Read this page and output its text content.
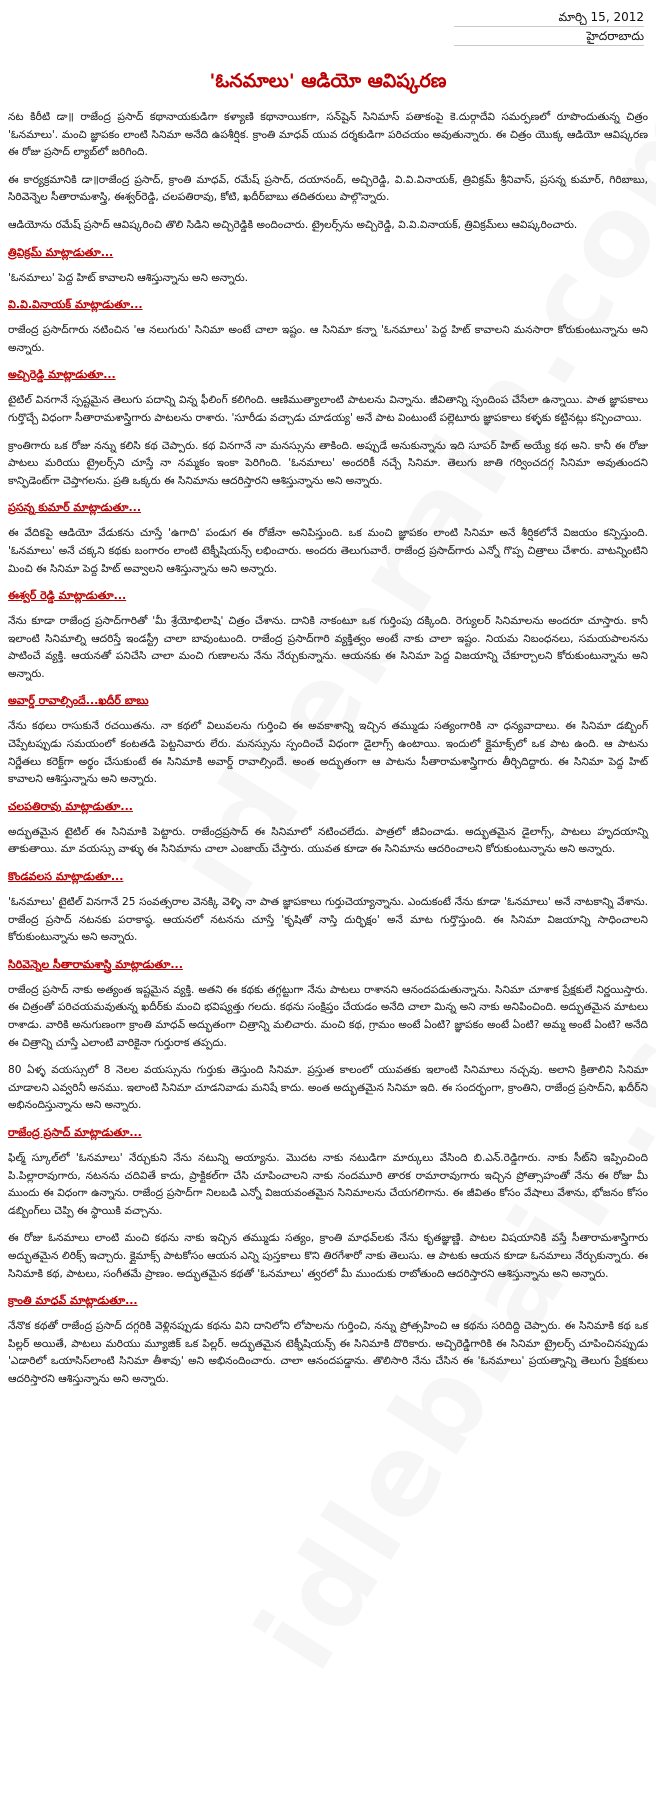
మార్చి 15, 2012
హైదరాబాదు
'ఓనమాలు' ఆడియో ఆవిష్కరణ

నట కిరీటి డా॥ రాజేంద్ర ప్రసాద్ కథానాయకుడిగా కళ్యాణి కథానాయికగా, సన్‌షైన్ సినిమాస్ పతాకంపై కె.దుర్గాదేవి సమర్పణలో రూపొందుతున్న చిత్రం 'ఓనమాలు'. మంచి జ్ఞాపకం లాంటి సినిమా అనేది ఉపశీర్షిక. క్రాంతి మాధవ్ యువ దర్శకుడిగా పరిచయం అవుతున్నారు. ఈ చిత్రం యొక్క ఆడియో ఆవిష్కరణ ఈ రోజు ప్రసాద్ ల్యాబ్‌లో జరిగింది.

ఈ కార్యక్రమానికి డా॥రాజేంద్ర ప్రసాద్, క్రాంతి మాధవ్, రమేష్ ప్రసాద్, దయానంద్, అచ్చిరెడ్డి, వి.వి.వినాయక్, త్రివిక్రమ్ శ్రీనివాస్, ప్రసన్న కుమార్, గిరిబాబు, సిరివెన్నెల సీతారామశాస్త్రి, ఈశ్వర్‌రెడ్డి, చలపతిరావు, కోటి, ఖదీర్‌బాబు తదితరులు పాల్గొన్నారు.

ఆడియోను రమేష్ ప్రసాద్ ఆవిష్కరించి తొలి సిడిని అచ్చిరెడ్డికి అందించారు. ట్రైలర్స్‌ను అచ్చిరెడ్డి, వి.వి.వినాయక్, త్రివిక్రమ్‌లు ఆవిష్కరించారు.

త్రివిక్రమ్ మాట్లాడుతూ...

'ఓనమాలు' పెద్ద హిట్ కావాలని ఆశిస్తున్నాను అని అన్నారు.

వి.వి.వినాయక్ మాట్లాడుతూ...

రాజేంద్ర ప్రసాద్‌గారు నటించిన 'ఆ నలుగురు' సినిమా అంటే చాలా ఇష్టం. ఆ సినిమా కన్నా 'ఓనమాలు' పెద్ద హిట్ కావాలని మనసారా కోరుకుంటున్నాను అని అన్నారు.

అచ్చిరెడ్డి మాట్లాడుతూ...

టైటిల్ వినగానే స్పష్టమైన తెలుగు పదాన్ని విన్న ఫీలింగ్ కలిగింది. ఆణిముత్యాలాంటి పాటలను విన్నాను. జీవితాన్ని స్పందింప చేసేలా ఉన్నాయి. పాత జ్ఞాపకాలు గుర్తొచ్చే విధంగా సీతారామశాస్త్రిగారు పాటలను రాశారు. 'సూరీడు వచ్చాడు చూడయ్య' అనే పాట వింటుంటే పల్లెటూరు జ్ఞాపకాలు కళ్ళకు కట్టినట్లు కన్పించాయి.

క్రాంతిగారు ఒక రోజు నన్ను కలిసి కథ చెప్పారు. కథ వినగానే నా మనస్సును తాకింది. అప్పుడే అనుకున్నాను ఇది సూపర్ హిట్ అయ్యే కథ అని. కానీ ఈ రోజు పాటలు మరియు ట్రైలర్స్‌ని చూస్తే నా నమ్మకం ఇంకా పెరిగింది. 'ఓనమాలు' అందరికీ నచ్చే సినిమా. తెలుగు జాతి గర్వించదగ్గ సినిమా అవుతుందని కాన్ఫిడెంట్‌గా చెప్తాగలను. ప్రతి ఒక్కరు ఈ సినిమాను ఆదరిస్తారని ఆశిస్తున్నాను అని అన్నారు.

ప్రసన్న కుమార్ మాట్లాడుతూ...

ఈ వేదికపై ఆడియో వేడుకను చూస్తే 'ఉగాది' పండుగ ఈ రోజేనా అనిపిస్తుంది. ఒక మంచి జ్ఞాపకం లాంటి సినిమా అనే శీర్షికలోనే విజయం కన్పిస్తుంది. 'ఓనమాలు' అనే చక్కని కథకు బంగారం లాంటి టెక్నీషియన్స్ లభించారు. అందరు తెలుగువారే. రాజేంద్ర ప్రసాద్‌గారు ఎన్నో గొప్ప చిత్రాలు చేశారు. వాటన్నింటిని మించి ఈ సినిమా పెద్ద హిట్ అవ్వాలని ఆశిస్తున్నాను అని అన్నారు.

ఈశ్వర్ రెడ్డి మాట్లాడుతూ...

నేను కూడా రాజేంద్ర ప్రసాద్‌గారితో 'మీ శ్రేయోభిలాషి' చిత్రం చేశాను. దానికి నాకంటూ ఒక గుర్తింపు దక్కింది. రెగ్యులర్ సినిమాలను అందరూ చూస్తారు. కానీ ఇలాంటి సినిమాల్ని ఆదరిస్తే ఇండస్ట్రీ చాలా బావుంటుంది. రాజేంద్ర ప్రసాద్‌గారి వ్యక్తిత్వం అంటే నాకు చాలా ఇష్టం. నియమ నిబంధనలు, సమయపాలనను పాటించే వ్యక్తి. ఆయనతో పనిచేసి చాలా మంచి గుణాలను నేను నేర్చుకున్నాను. ఆయనకు ఈ సినిమా పెద్ద విజయాన్ని చేకూర్చాలని కోరుకుంటున్నాను అని అన్నారు.

అవార్డ్ రావాల్సిందే...ఖదీర్ బాబు

నేను కథలు రాసుకునే రచయితను. నా కథలో విలువలను గుర్తించి ఈ అవకాశాన్ని ఇచ్చిన తమ్ముడు సత్యంగారికి నా ధన్యవాదాలు. ఈ సినిమా డబ్బింగ్ చెప్పేటప్పుడు సమయంలో కంటతడి పెట్టనివారు లేరు. మనస్సును స్పందించే విధంగా డైలాగ్స్ ఉంటాయి. ఇందులో క్లైమాక్స్‌లో ఒక పాట ఉంది. ఆ పాటను నిర్ణేతలు కరెక్ట్‌గా అర్థం చేసుకుంటే ఈ సినిమాకి అవార్డ్ రావాల్సిందే. అంత అద్భుతంగా ఆ పాటను సీతారామశాస్త్రిగారు తీర్చిదిద్దారు. ఈ సినిమా పెద్ద హిట్ కావాలని ఆశిస్తున్నాను అని అన్నారు.

చలపతిరావు మాట్లాడుతూ...

అద్భుతమైన టైటిల్ ఈ సినిమాకి పెట్టారు. రాజేంద్రప్రసాద్ ఈ సినిమాలో నటించలేదు. పాత్రలో జీవించాడు. అద్భుతమైన డైలాగ్స్, పాటలు హృదయాన్ని తాకుతాయి. మా వయస్సు వాళ్ళు ఈ సినిమాను చాలా ఎంజాయ్ చేస్తారు. యువత కూడా ఈ సినిమాను ఆదరించాలని కోరుకుంటున్నాను అని అన్నారు.

కొండవలస మాట్లాడుతూ...

'ఓనమాలు' టైటిల్ వినగానే 25 సంవత్సరాల వెనక్కి వెళ్ళి నా పాత జ్ఞాపకాలు గుర్తుచెయ్యాన్నాను. ఎందుకంటే నేను కూడా 'ఓనమాలు' అనే నాటకాన్ని వేశాను. రాజేంద్ర ప్రసాద్ నటనకు పరాకాష్ఠ. ఆయనలో నటనను చూస్తే 'కృషితో నాస్తి దుర్భిక్షం' అనే మాట గుర్తొస్తుంది. ఈ సినిమా విజయాన్ని సాధించాలని కోరుకుంటున్నాను అని అన్నారు.

సిరివెన్నెల సీతారామశాస్త్రి మాట్లాడుతూ...

రాజేంద్ర ప్రసాద్ నాకు అత్యంత ఇష్టమైన వ్యక్తి. అతని ఈ కథకు తగ్గట్టుగా నేను పాటలు రాశానని ఆనందపడుతున్నాను. సినిమా చూశాక ప్రేక్షకులే నిర్ణయిస్తారు. ఈ చిత్రంతో పరిచయమవుతున్న ఖదీర్‌కు మంచి భవిష్యత్తు గలదు. కథను సంక్షిప్తం చేయడం అనేది చాలా మిన్న అని నాకు అనిపించింది. అద్భుతమైన మాటలు రాశాడు. వారికి అనుగుణంగా క్రాంతి మాధవ్ అద్భుతంగా చిత్రాన్ని మలిచారు. మంచి కథ, గ్రామం అంటే ఏంటి? జ్ఞాపకం అంటే ఏంటి? అమ్మ అంటే ఏంటి? అనేది ఈ చిత్రాన్ని చూస్తే ఎలాంటి వారికైనా గుర్తురాక తప్పదు.

80 ఏళ్ళ వయస్సులో 8 నెలల వయస్సును గుర్తుకు తెస్తుంది సినిమా. ప్రస్తుత కాలంలో యువతకు ఇలాంటి సినిమాలు నచ్చవు. అలాని క్రితాలిని సినిమా చూడాలని ఎవ్వరినీ అనము. ఇలాంటి సినిమా చూడనివాడు మనిషే కాదు. అంత అద్భుతమైన సినిమా ఇది. ఈ సందర్భంగా, క్రాంతిని, రాజేంద్ర ప్రసాద్‌ని, ఖదీర్‌ని అభినందిస్తున్నాను అని అన్నారు.

రాజేంద్ర ప్రసాద్ మాట్లాడుతూ...

ఫిల్మ్ స్కూల్‌లో 'ఓనమాలు' నేర్చుకుని నేను నటున్ని అయ్యాను. మొదట నాకు నటుడిగా మార్కులు వేసింది బి.ఎన్.రెడ్డిగారు. నాకు సీట్‌ని ఇప్పించింది పి.పిల్లారావుగారు, నటనను చదివితే కాదు, ప్రాక్టికల్‌గా చేసి చూపించాలని నాకు నందమూరి తారక రామారావుగారు ఇచ్చిన ప్రోత్సాహంతో నేను ఈ రోజు మీ ముందు ఈ విధంగా ఉన్నాను. రాజేంద్ర ప్రసాద్‌గా నిలబడి ఎన్నో విజయవంతమైన సినిమాలను చేయగలిగాను. ఈ జీవితం కోసం వేషాలు వేశాను, భోజనం కోసం డబ్బింగ్‌లు చెప్పి ఈ స్థాయికి వచ్చాను.

ఈ రోజు ఓనమాలు లాంటి మంచి కథను నాకు ఇచ్చిన తమ్ముడు సత్యం, క్రాంతి మాధవ్‌లకు నేను కృతజ్ఞుణ్ణి. పాటల విషయానికి వస్తే సీతారామశాస్త్రిగారు అద్భుతమైన లిరిక్స్ ఇచ్చారు. క్లైమాక్స్ పాటకోసం ఆయన ఎన్ని పుస్తకాలు కొని తిరగేశారో నాకు తెలుసు. ఆ పాటకు ఆయన కూడా ఓనమాలు నేర్చుకున్నారు. ఈ సినిమాకి కథ, పాటలు, సంగీతమే ప్రాణం. అద్భుతమైన కథతో 'ఓనమాలు' త్వరలో మీ ముందుకు రాబోతుంది ఆదరిస్తారని ఆశిస్తున్నాను అని అన్నారు.

క్రాంతి మాధవ్ మాట్లాడుతూ...

నేనొక కథతో రాజేంద్ర ప్రసాద్ దగ్గరికి వెళ్లినప్పుడు కథను విని దానిలోని లోపాలను గుర్తించి, నన్ను ప్రోత్సహించి ఆ కథను సరిదిద్ది చెప్పారు. ఈ సినిమాకి కథ ఒక పిల్లర్ అయితే, పాటలు మరియు మ్యూజిక్ ఒక పిల్లర్. అద్భుతమైన టెక్నీషియన్స్ ఈ సినిమాకి దొరికారు. అచ్చిరెడ్డిగారికి ఈ సినిమా ట్రైలర్స్ చూపించినప్పుడు 'ఎడారిలో ఒయాసిస్‌లాంటి సినిమా తీశావు' అని అభినందించారు. చాలా ఆనందపడ్డాను. తొలిసారి నేను చేసిన ఈ 'ఓనమాలు' ప్రయత్నాన్ని తెలుగు ప్రేక్షకులు ఆదరిస్తారని ఆశిస్తున్నాను అని అన్నారు.
